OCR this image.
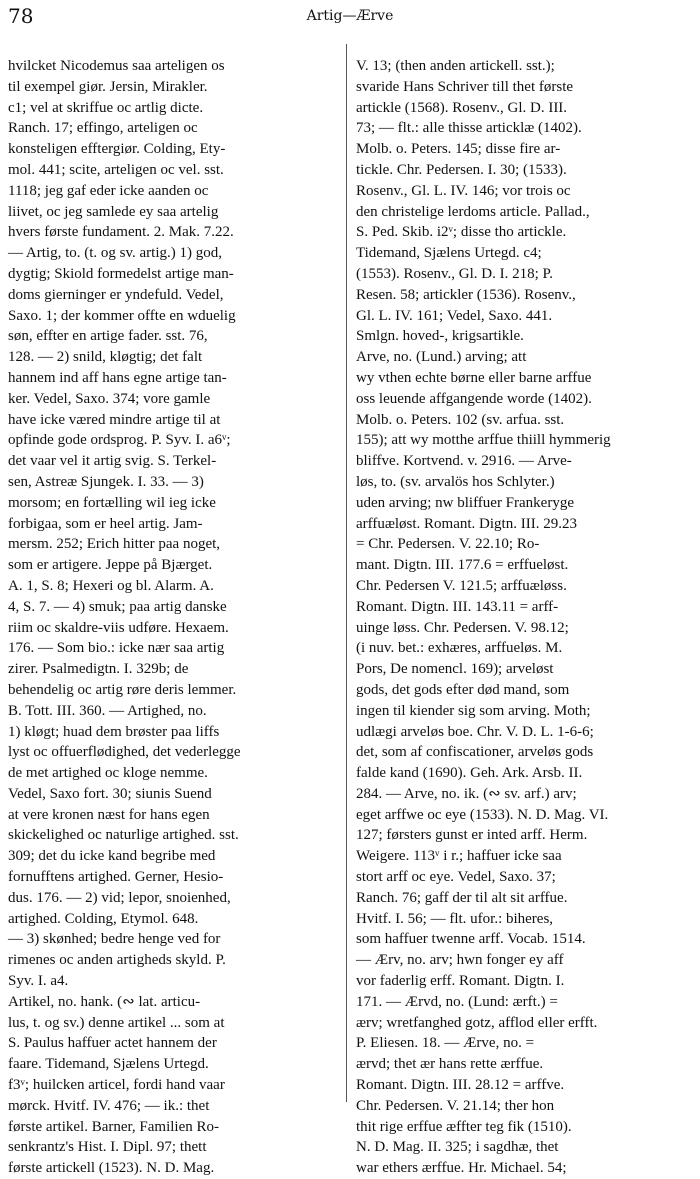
78	Artig—Ærve
hvilcket Nicodemus saa arteligen os
til exempel giør. Jersin, Mirakler.
c1; vel at skriffue oc artlig dicte.
Ranch. 17; effingo, arteligen oc
konsteligen efftergiør. Colding, Ety-
mol. 441; scite, arteligen oc vel. sst.
1118; jeg gaf eder icke aanden oc
liivet, oc jeg samlede ey saa artelig
hvers første fundament. 2. Mak. 7.22.
— Artig, to. (t. og sv. artig.) 1) god,
dygtig; Skiold formedelst artige man-
doms gierninger er yndefuld. Vedel,
Saxo. 1; der kommer offte en wduelig
søn, effter en artige fader. sst. 76,
128. — 2) snild, kløgtig; det falt
hannem ind aff hans egne artige tan-
ker. Vedel, Saxo. 374; vore gamle
have icke væred mindre artige til at
opfinde gode ordsprog. P. Syv. I. a6ᵛ;
det vaar vel it artig svig. S. Terkel-
sen, Astreæ Sjungek. I. 33. — 3)
morsom; en fortælling wil ieg icke
forbigaa, som er heel artig. Jam-
mersm. 252; Erich hitter paa noget,
som er artigere. Jeppe på Bjærget.
A. 1, S. 8; Hexeri og bl. Alarm. A.
4, S. 7. — 4) smuk; paa artig danske
riim oc skaldre-viis udføre. Hexaem.
176. — Som bio.: icke nær saa artig
zirer. Psalmedigtn. I. 329b; de
behendelig oc artig røre deris lemmer.
B. Tott. III. 360. — Artighed, no.
1) kløgt; huad dem brøster paa liffs
lyst oc offuerflødighed, det vederlegge
de met artighed oc kloge nemme.
Vedel, Saxo fort. 30; siunis Suend
at vere kronen næst for hans egen
skickelighed oc naturlige artighed. sst.
309; det du icke kand begribe med
fornufftens artighed. Gerner, Hesio-
dus. 176. — 2) vid; lepor, snoienhed,
artighed. Colding, Etymol. 648.
— 3) skønhed; bedre henge ved for
rimenes oc anden artigheds skyld. P.
Syv. I. a4.
Artikel, no. hank. (∾ lat. articu-
lus, t. og sv.) denne artikel ... som at
S. Paulus haffuer actet hannem der
faare. Tidemand, Sjælens Urtegd.
f3ᵛ; huilcken articel, fordi hand vaar
mørck. Hvitf. IV. 476; — ik.: thet
første artikel. Barner, Familien Ro-
senkrantz's Hist. I. Dipl. 97; thett
første artickell (1523). N. D. Mag.
V. 13; (then anden artickell. sst.);
svaride Hans Schriver till thet første
artickle (1568). Rosenv., Gl. D. III.
73; — flt.: alle thisse articklæ (1402).
Molb. o. Peters. 145; disse fire ar-
tickle. Chr. Pedersen. I. 30; (1533).
Rosenv., Gl. L. IV. 146; vor trois oc
den christelige lerdoms article. Pallad.,
S. Ped. Skib. i2ᵛ; disse tho artickle.
Tidemand, Sjælens Urtegd. c4;
(1553). Rosenv., Gl. D. I. 218; P.
Resen. 58; artickler (1536). Rosenv.,
Gl. L. IV. 161; Vedel, Saxo. 441.
Smlgn. hoved-, krigsartikle.
Arve, no. (Lund.) arving; att
wy vthen echte børne eller barne arffue
oss leuende affgangende worde (1402).
Molb. o. Peters. 102 (sv. arfua. sst.
155); att wy motthe arffue thiill hymmerig
bliffve. Kortvend. v. 2916. — Arve-
løs, to. (sv. arvalös hos Schlyter.)
uden arving; nw bliffuer Frankeryge
arffuæløst. Romant. Digtn. III. 29.23
= Chr. Pedersen. V. 22.10; Ro-
mant. Digtn. III. 177.6 = erffueløst.
Chr. Pedersen V. 121.5; arffuæløss.
Romant. Digtn. III. 143.11 = arff-
uinge løss. Chr. Pedersen. V. 98.12;
(i nuv. bet.: exhæres, arffueløs. M.
Pors, De nomencl. 169); arveløst
gods, det gods efter død mand, som
ingen til kiender sig som arving. Moth;
udlægi arveløs boe. Chr. V. D. L. 1-6-6;
det, som af confiscationer, arveløs gods
falde kand (1690). Geh. Ark. Arsb. II.
284. — Arve, no. ik. (∾ sv. arf.) arv;
eget arffwe oc eye (1533). N. D. Mag. VI.
127; førsters gunst er inted arff. Herm.
Weigere. 113ᵛ i r.; haffuer icke saa
stort arff oc eye. Vedel, Saxo. 37;
Ranch. 76; gaff der til alt sit arffue.
Hvitf. I. 56; — flt. ufor.: biheres,
som haffuer twenne arff. Vocab. 1514.
— Ærv, no. arv; hwn fonger ey aff
vor faderlig erff. Romant. Digtn. I.
171. — Ærvd, no. (Lund: ærft.) =
ærv; wretfanghed gotz, afflod eller erfft.
P. Eliesen. 18. — Ærve, no. =
ærvd; thet ær hans rette ærffue.
Romant. Digtn. III. 28.12 = arffve.
Chr. Pedersen. V. 21.14; ther hon
thit rige erffue æffter teg fik (1510).
N. D. Mag. II. 325; i sagdhæ, thet
war ethers ærffue. Hr. Michael. 54;
